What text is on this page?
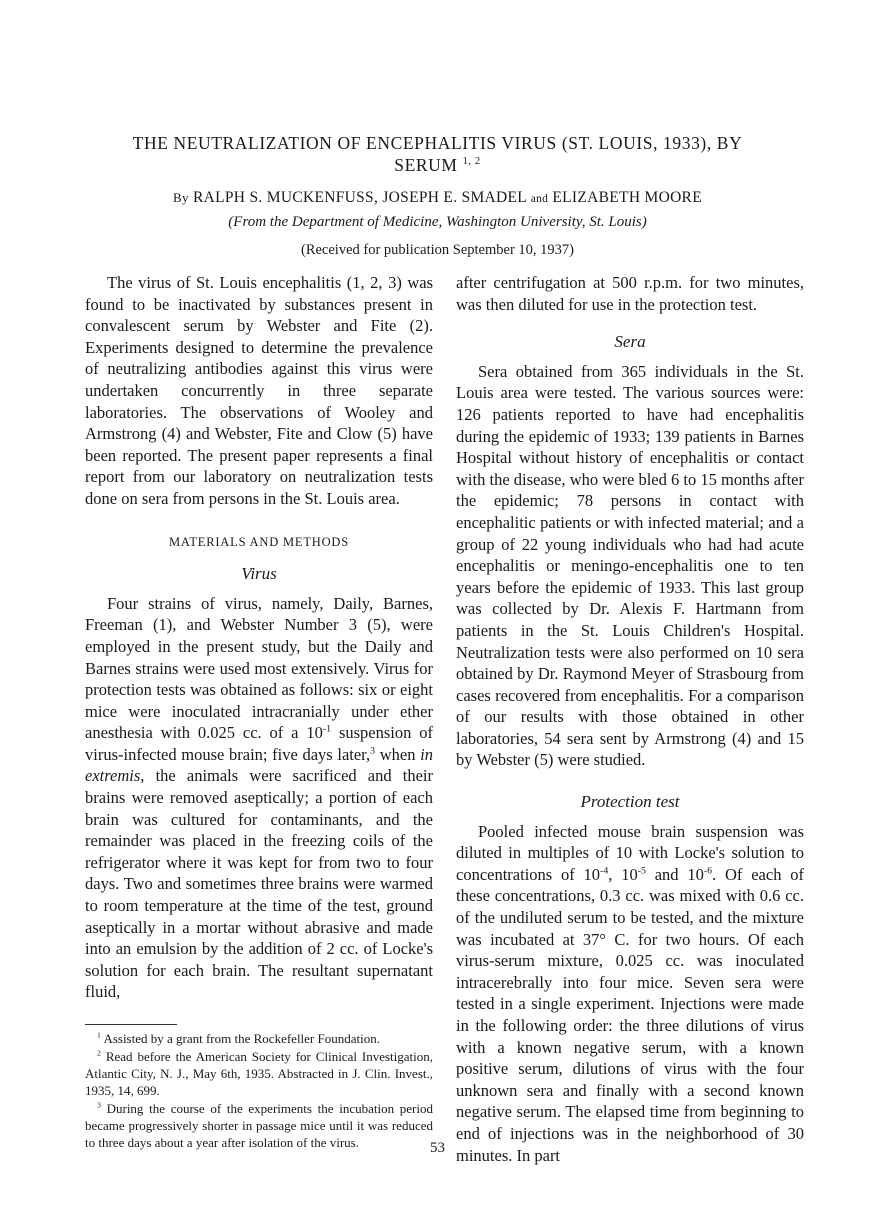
THE NEUTRALIZATION OF ENCEPHALITIS VIRUS (ST. LOUIS, 1933), BY SERUM $^{1, 2}$
By RALPH S. MUCKENFUSS, JOSEPH E. SMADEL and ELIZABETH MOORE
(From the Department of Medicine, Washington University, St. Louis)
(Received for publication September 10, 1937)

The virus of St. Louis encephalitis (1, 2, 3) was found to be inactivated by substances present in convalescent serum by Webster and Fite (2). Experiments designed to determine the prevalence of neutralizing antibodies against this virus were undertaken concurrently in three separate laboratories. The observations of Wooley and Armstrong (4) and Webster, Fite and Clow (5) have been reported. The present paper represents a final report from our laboratory on neutralization tests done on sera from persons in the St. Louis area.

MATERIALS AND METHODS
Virus

Four strains of virus, namely, Daily, Barnes, Freeman (1), and Webster Number 3 (5), were employed in the present study, but the Daily and Barnes strains were used most extensively. Virus for protection tests was obtained as follows: six or eight mice were inoculated intracranially under ether anesthesia with 0.025 cc. of a $10^{-1}$ suspension of virus-infected mouse brain; five days later,$^3$ when in extremis, the animals were sacrificed and their brains were removed aseptically; a portion of each brain was cultured for contaminants, and the remainder was placed in the freezing coils of the refrigerator where it was kept for from two to four days. Two and sometimes three brains were warmed to room temperature at the time of the test, ground aseptically in a mortar without abrasive and made into an emulsion by the addition of 2 cc. of Locke's solution for each brain. The resultant supernatant fluid,

$^1$ Assisted by a grant from the Rockefeller Foundation.

$^2$ Read before the American Society for Clinical Investigation, Atlantic City, N. J., May 6th, 1935. Abstracted in J. Clin. Invest., 1935, 14, 699.

$^3$ During the course of the experiments the incubation period became progressively shorter in passage mice until it was reduced to three days about a year after isolation of the virus.

after centrifugation at 500 r.p.m. for two minutes, was then diluted for use in the protection test.

Sera

Sera obtained from 365 individuals in the St. Louis area were tested. The various sources were: 126 patients reported to have had encephalitis during the epidemic of 1933; 139 patients in Barnes Hospital without history of encephalitis or contact with the disease, who were bled 6 to 15 months after the epidemic; 78 persons in contact with encephalitic patients or with infected material; and a group of 22 young individuals who had had acute encephalitis or meningo-encephalitis one to ten years before the epidemic of 1933. This last group was collected by Dr. Alexis F. Hartmann from patients in the St. Louis Children's Hospital. Neutralization tests were also performed on 10 sera obtained by Dr. Raymond Meyer of Strasbourg from cases recovered from encephalitis. For a comparison of our results with those obtained in other laboratories, 54 sera sent by Armstrong (4) and 15 by Webster (5) were studied.

Protection test

Pooled infected mouse brain suspension was diluted in multiples of 10 with Locke's solution to concentrations of $10^{-4}$, $10^{-5}$ and $10^{-6}$. Of each of these concentrations, 0.3 cc. was mixed with 0.6 cc. of the undiluted serum to be tested, and the mixture was incubated at 37° C. for two hours. Of each virus-serum mixture, 0.025 cc. was inoculated intracerebrally into four mice. Seven sera were tested in a single experiment. Injections were made in the following order: the three dilutions of virus with a known negative serum, with a known positive serum, dilutions of virus with the four unknown sera and finally with a second known negative serum. The elapsed time from beginning to end of injections was in the neighborhood of 30 minutes. In part

53
